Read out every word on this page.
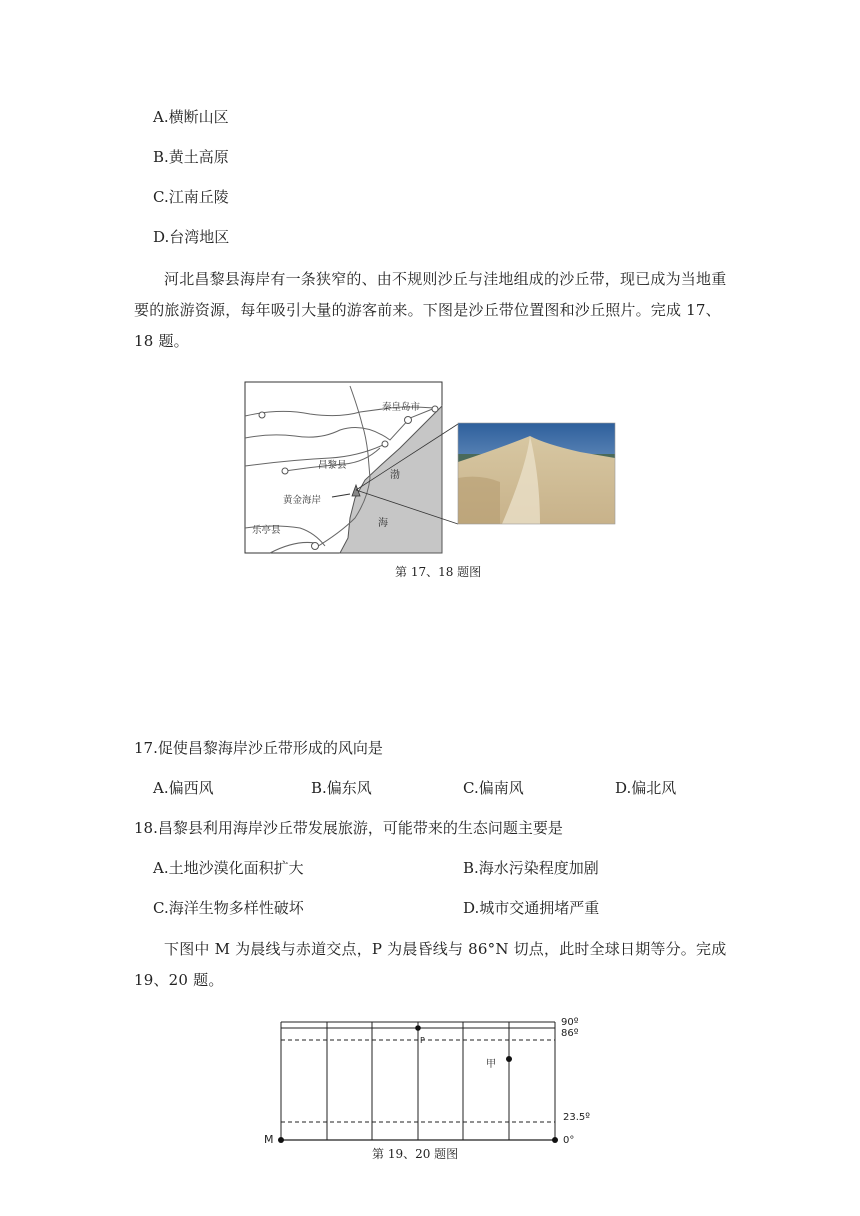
A.横断山区
B.黄土高原
C.江南丘陵
D.台湾地区
河北昌黎县海岸有一条狭窄的、由不规则沙丘与洼地组成的沙丘带，现已成为当地重要的旅游资源，每年吸引大量的游客前来。下图是沙丘带位置图和沙丘照片。完成 17、18 题。
秦皇岛市
昌黎县
黄金海岸
乐亭县
渤
海
第 17、18 题图
17.促使昌黎海岸沙丘带形成的风向是
A.偏西风	B.偏东风	C.偏南风	D.偏北风
18.昌黎县利用海岸沙丘带发展旅游，可能带来的生态问题主要是
A.土地沙漠化面积扩大	B.海水污染程度加剧
C.海洋生物多样性破坏	D.城市交通拥堵严重
下图中 M 为晨线与赤道交点，P 为晨昏线与 86°N 切点，此时全球日期等分。完成 19、20 题。
90º
86º
23.5º
0°
M
P
甲
第 19、20 题图
